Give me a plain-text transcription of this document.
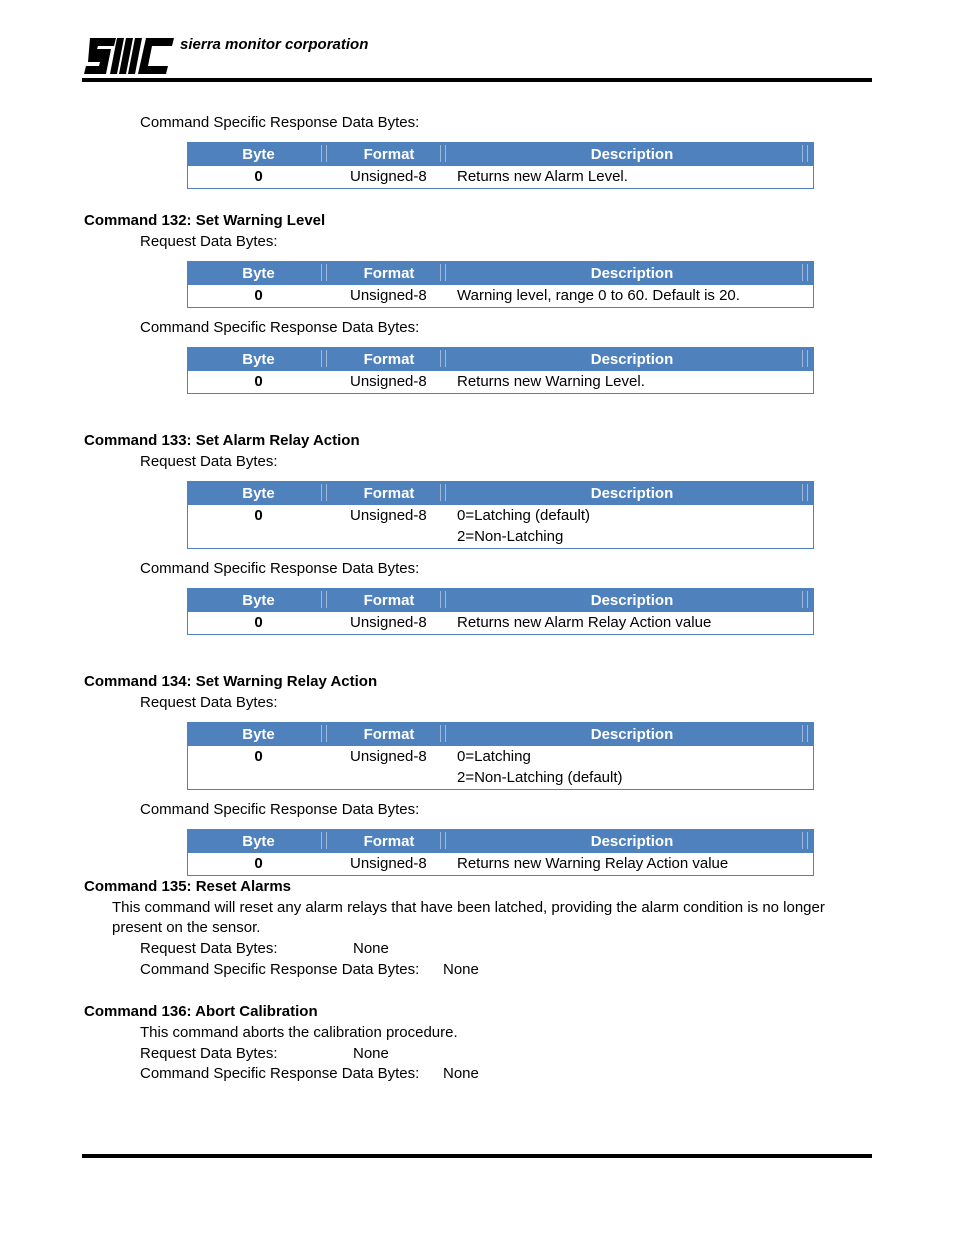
sierra monitor corporation
Command Specific Response Data Bytes:
Byte	Format	Description
0	Unsigned-8 Returns new Alarm Level.
Command 132: Set Warning Level
Request Data Bytes:
Byte	Format	Description
0	Unsigned-8 Warning level, range 0 to 60. Default is 20.
Command Specific Response Data Bytes:
Byte	Format	Description
0	Unsigned-8 Returns new Warning Level.
Command 133: Set Alarm Relay Action
Request Data Bytes:
Byte	Format	Description
0	Unsigned-8 0=Latching (default)
2=Non-Latching
Command Specific Response Data Bytes:
Byte	Format	Description
0	Unsigned-8 Returns new Alarm Relay Action value
Command 134: Set Warning Relay Action
Request Data Bytes:
Byte	Format	Description
0	Unsigned-8 0=Latching
2=Non-Latching (default)
Command Specific Response Data Bytes:
Byte	Format	Description
0	Unsigned-8 Returns new Warning Relay Action value
Command 135: Reset Alarms
This command will reset any alarm relays that have been latched, providing the alarm condition is no longer
present on the sensor.
Request Data Bytes:	None
Command Specific Response Data Bytes: None
Command 136: Abort Calibration
This command aborts the calibration procedure.
Request Data Bytes:	None
Command Specific Response Data Bytes: None
